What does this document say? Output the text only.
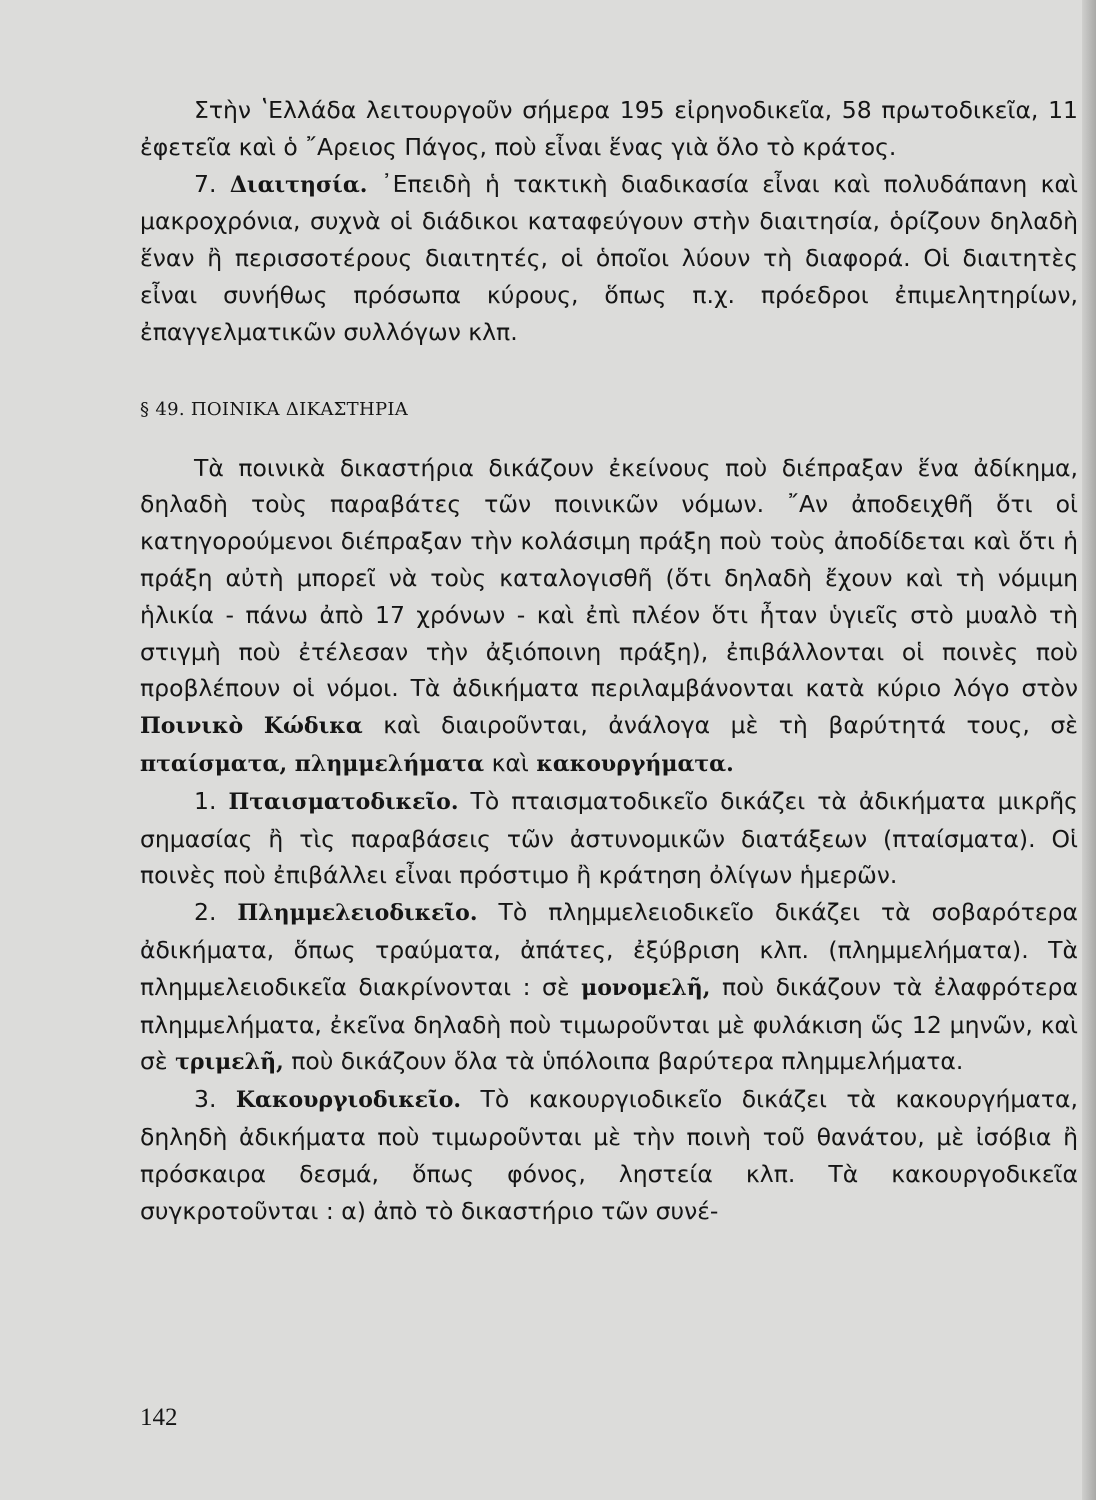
Στὴν ʽΕλλάδα λειτουργοῦν σήμερα 195 εἰρηνοδικεῖα, 58 πρωτοδικεῖα, 11 ἐφετεῖα καὶ ὁ ῎Αρειος Πάγος, ποὺ εἶναι ἕνας γιὰ ὅλο τὸ κράτος.

7. Διαιτησία. ᾿Επειδὴ ἡ τακτικὴ διαδικασία εἶναι καὶ πολυδάπανη καὶ μακροχρόνια, συχνὰ οἱ διάδικοι καταφεύγουν στὴν διαιτησία, ὁρίζουν δηλαδὴ ἕναν ἢ περισσοτέρους διαιτητές, οἱ ὁποῖοι λύουν τὴ διαφορά. Οἱ διαιτητὲς εἶναι συνήθως πρόσωπα κύρους, ὅπως π.χ. πρόεδροι ἐπιμελητηρίων, ἐπαγγελματικῶν συλλόγων κλπ.

§ 49. ΠΟΙΝΙΚΑ ΔΙΚΑΣΤΗΡΙΑ

Τὰ ποινικὰ δικαστήρια δικάζουν ἐκείνους ποὺ διέπραξαν ἕνα ἀδίκημα, δηλαδὴ τοὺς παραβάτες τῶν ποινικῶν νόμων. ῎Αν ἀποδειχθῆ ὅτι οἱ κατηγορούμενοι διέπραξαν τὴν κολάσιμη πράξη ποὺ τοὺς ἀποδίδεται καὶ ὅτι ἡ πράξη αὐτὴ μπορεῖ νὰ τοὺς καταλογισθῆ (ὅτι δηλαδὴ ἔχουν καὶ τὴ νόμιμη ἡλικία - πάνω ἀπὸ 17 χρόνων - καὶ ἐπὶ πλέον ὅτι ἦταν ὑγιεῖς στὸ μυαλὸ τὴ στιγμὴ ποὺ ἐτέλεσαν τὴν ἀξιόποινη πράξη), ἐπιβάλλονται οἱ ποινὲς ποὺ προβλέπουν οἱ νόμοι. Τὰ ἀδικήματα περιλαμβάνονται κατὰ κύριο λόγο στὸν Ποινικὸ Κώδικα καὶ διαιροῦνται, ἀνάλογα μὲ τὴ βαρύτητά τους, σὲ πταίσματα, πλημμελήματα καὶ κακουργήματα.

1. Πταισματοδικεῖο. Τὸ πταισματοδικεῖο δικάζει τὰ ἀδικήματα μικρῆς σημασίας ἢ τὶς παραβάσεις τῶν ἀστυνομικῶν διατάξεων (πταίσματα). Οἱ ποινὲς ποὺ ἐπιβάλλει εἶναι πρόστιμο ἢ κράτηση ὀλίγων ἡμερῶν.

2. Πλημμελειοδικεῖο. Τὸ πλημμελειοδικεῖο δικάζει τὰ σοβαρότερα ἀδικήματα, ὅπως τραύματα, ἀπάτες, ἐξύβριση κλπ. (πλημμελήματα). Τὰ πλημμελειοδικεῖα διακρίνονται : σὲ μονομελῆ, ποὺ δικάζουν τὰ ἐλαφρότερα πλημμελήματα, ἐκεῖνα δηλαδὴ ποὺ τιμωροῦνται μὲ φυλάκιση ὥς 12 μηνῶν, καὶ σὲ τριμελῆ, ποὺ δικάζουν ὅλα τὰ ὑπόλοιπα βαρύτερα πλημμελήματα.

3. Κακουργιοδικεῖο. Τὸ κακουργιοδικεῖο δικάζει τὰ κακουργήματα, δηληδὴ ἀδικήματα ποὺ τιμωροῦνται μὲ τὴν ποινὴ τοῦ θανάτου, μὲ ἰσόβια ἢ πρόσκαιρα δεσμά, ὅπως φόνος, ληστεία κλπ. Τὰ κακουργοδικεῖα συγκροτοῦνται : α) ἀπὸ τὸ δικαστήριο τῶν συνέ-

142
